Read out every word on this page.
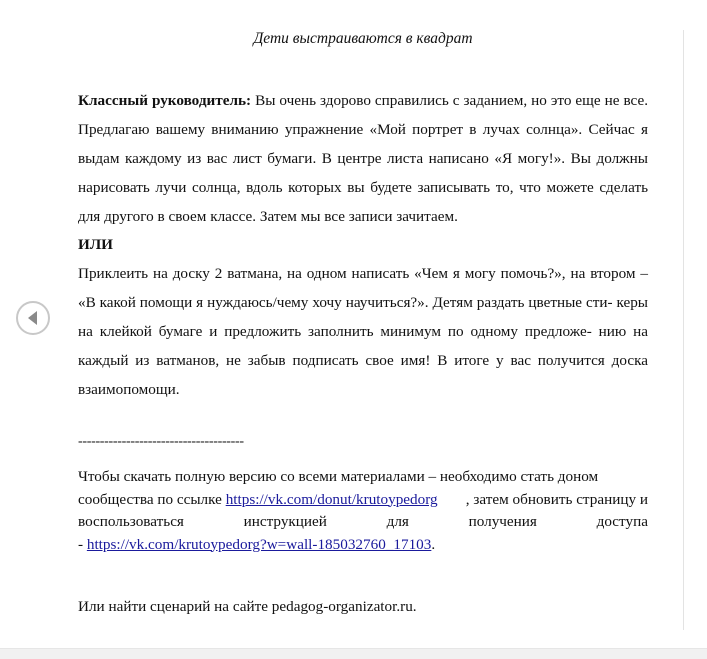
Дети выстраиваются в квадрат

Классный руководитель: Вы очень здорово справились с заданием, но это еще не все. Предлагаю вашему вниманию упражнение «Мой портрет в лучах солнца». Сейчас я выдам каждому из вас лист бумаги. В центре листа написано «Я могу!». Вы должны нарисовать лучи солнца, вдоль которых вы будете записывать то, что можете сделать для другого в своем классе. Затем мы все записи зачитаем.

ИЛИ

Приклеить на доску 2 ватмана, на одном написать «Чем я могу помочь?», на втором – «В какой помощи я нуждаюсь/чему хочу научиться?». Детям раздать цветные сти- керы на клейкой бумаге и предложить заполнить минимум по одному предложе- нию на каждый из ватманов, не забыв подписать свое имя! В итоге у вас получится доска взаимопомощи.

--------------------------------------

Чтобы скачать полную версию со всеми материалами – необходимо стать доном

сообщества по ссылке https://vk.com/donut/krutoypedorg , затем обновить страницу и

воспользоваться	инструкцией	для	получения	доступа

- https://vk.com/krutoypedorg?w=wall-185032760_17103.

Или найти сценарий на сайте pedagog-organizator.ru.
